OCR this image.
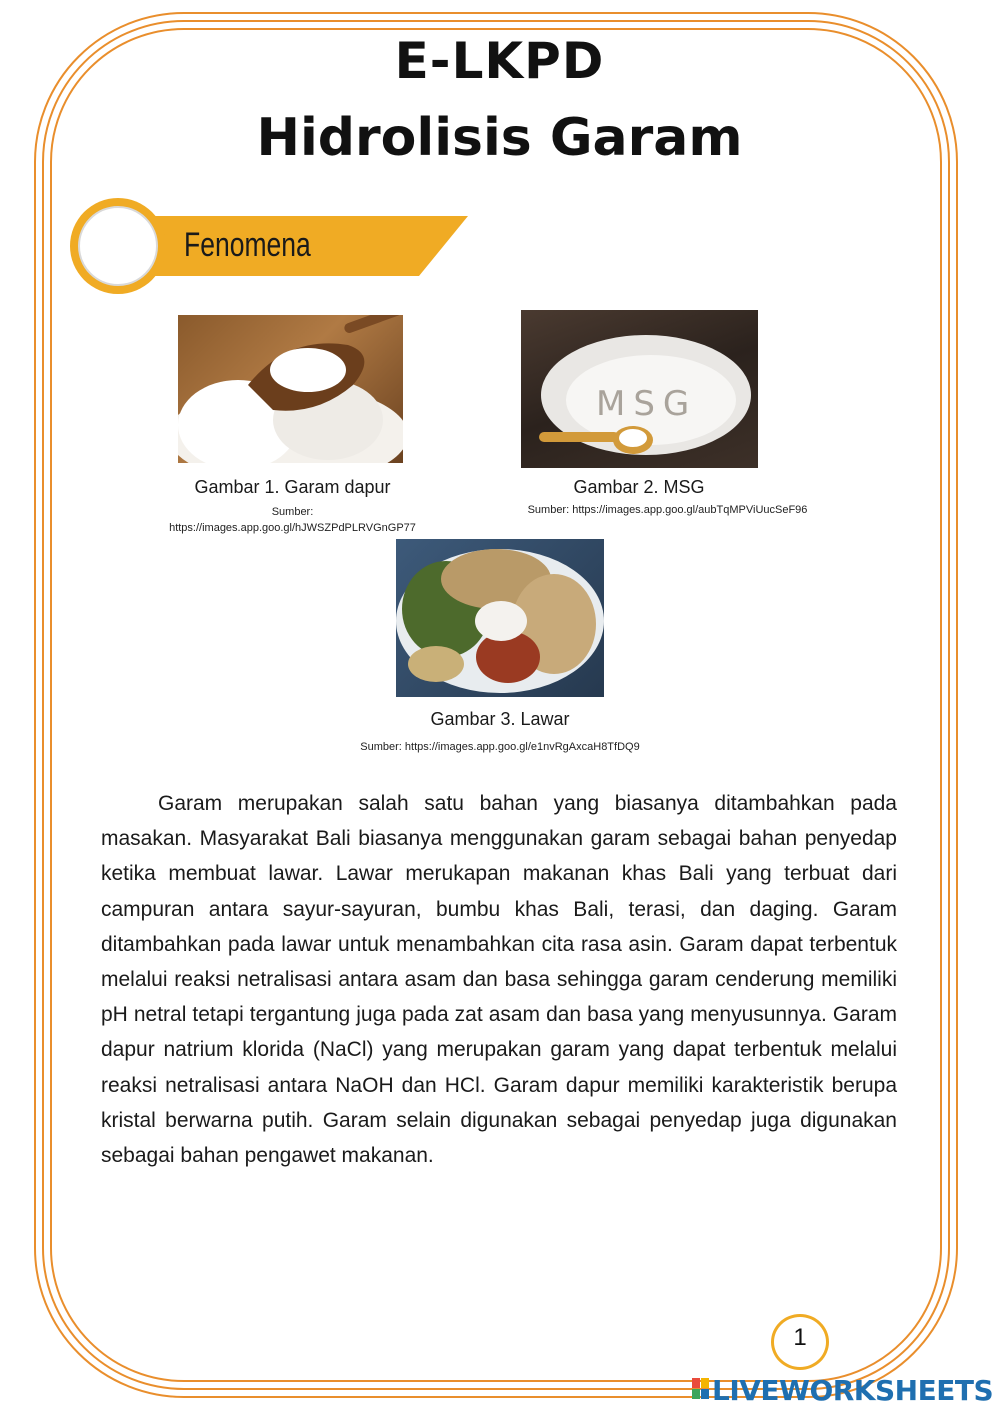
E-LKPD
Hidrolisis Garam
Fenomena
MSG
Gambar 1. Garam dapur
Sumber:
https://images.app.goo.gl/hJWSZPdPLRVGnGP77
Gambar 2. MSG
Sumber: https://images.app.goo.gl/aubTqMPViUucSeF96
Gambar 3. Lawar
Sumber: https://images.app.goo.gl/e1nvRgAxcaH8TfDQ9

Garam merupakan salah satu bahan yang biasanya ditambahkan pada masakan. Masyarakat Bali biasanya menggunakan garam sebagai bahan penyedap ketika membuat lawar. Lawar merukapan makanan khas Bali yang terbuat dari campuran antara sayur-sayuran, bumbu khas Bali, terasi, dan daging. Garam ditambahkan pada lawar untuk menambahkan cita rasa asin. Garam dapat terbentuk melalui reaksi netralisasi antara asam dan basa sehingga garam cenderung memiliki pH netral tetapi tergantung juga pada zat asam dan basa yang menyusunnya. Garam dapur natrium klorida (NaCl) yang merupakan garam yang dapat terbentuk melalui reaksi netralisasi antara NaOH dan HCl. Garam dapur memiliki karakteristik berupa kristal berwarna putih. Garam selain digunakan sebagai penyedap juga digunakan sebagai bahan pengawet makanan.

1
LIVEWORKSHEETS
